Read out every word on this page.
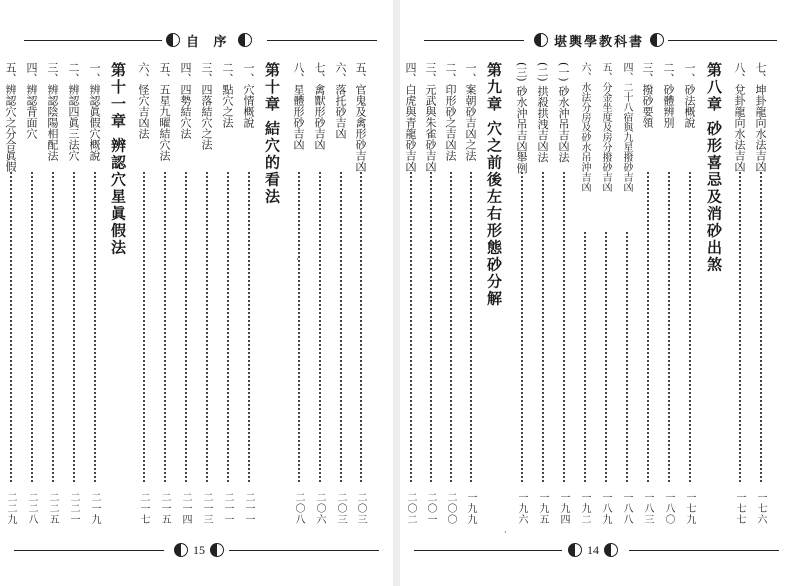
自 序
15
·
五、官鬼及禽形砂吉凶
二〇三
六、落托砂吉凶
二〇三
七、禽獸形砂吉凶
二〇六
八、星體形砂吉凶
二〇八
第十章 結穴的看法
一、穴情概說
二一一
二、點穴之法
二一一
三、四落結穴之法
二一三
四、四勢結穴法
二一四
五、五星九曜結穴法
二一五
六、怪穴吉凶法
二一七
第十一章 辨認穴星眞假法
一、辨認眞假穴概說
二一九
二、辨認四眞三法穴
二二一
三、辨認陰陽相配法
二二五
四、辨認背面穴
二二八
五、辨認穴之分合眞假
二二九
堪輿學教科書
14
·
七、坤卦龍向水法吉凶
一七六
八、兌卦龍向水法吉凶
一七七
第八章 砂形喜忌及消砂出煞
一、砂法概說
一七九
二、砂體辨別
一八〇
三、撥砂要領
一八三
四、二十八宿與九星撥砂吉凶
一八八
五、分金坐度及房分撥砂吉凶
一八九
六、水法分房及砂水吊沖吉凶
一九二
(一) 砂水沖吊吉凶法
一九四
(二) 拱殺拱洩吉凶法
一九五
(三) 砂水沖吊吉凶舉例
一九六
第九章 穴之前後左右形態砂分解
一、案朝砂吉凶之法
一九九
二、印形砂之吉凶法
二〇〇
三、元武與朱雀砂吉凶
二〇一
四、白虎與青龍砂吉凶
二〇二
